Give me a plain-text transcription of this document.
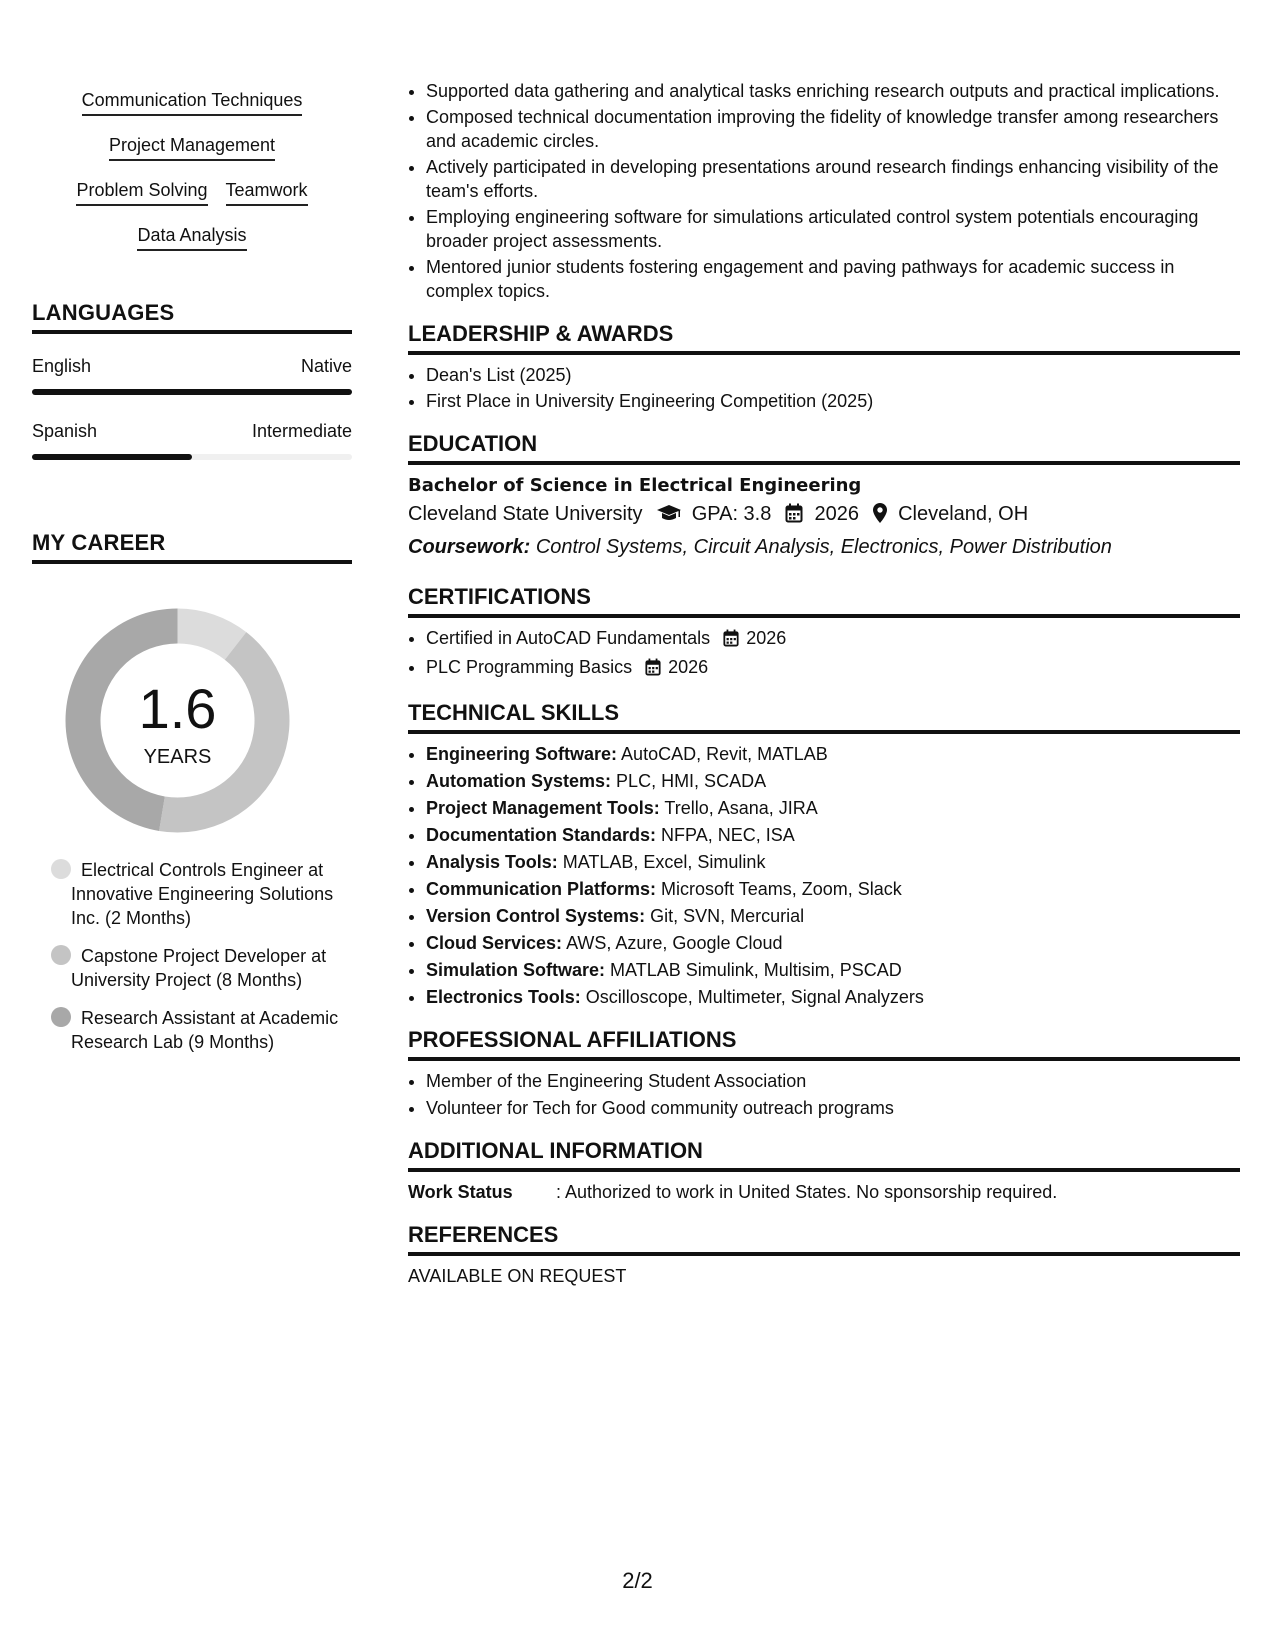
Communication Techniques
Project Management
Problem Solving Teamwork
Data Analysis
LANGUAGES
English	Native
Spanish	Intermediate
MY CAREER
1.6
YEARS
Electrical Controls Engineer at Innovative Engineering Solutions Inc. (2 Months)
Capstone Project Developer at University Project (8 Months)
Research Assistant at Academic Research Lab (9 Months)
• Supported data gathering and analytical tasks enriching research outputs and practical implications.
• Composed technical documentation improving the fidelity of knowledge transfer among researchers and academic circles.
• Actively participated in developing presentations around research findings enhancing visibility of the team's efforts.
• Employing engineering software for simulations articulated control system potentials encouraging broader project assessments.
• Mentored junior students fostering engagement and paving pathways for academic success in complex topics.
LEADERSHIP & AWARDS
• Dean's List (2025)
• First Place in University Engineering Competition (2025)
EDUCATION
Bachelor of Science in Electrical Engineering
Cleveland State University GPA: 3.8 2026 Cleveland, OH
Coursework: Control Systems, Circuit Analysis, Electronics, Power Distribution
CERTIFICATIONS
• Certified in AutoCAD Fundamentals 2026
• PLC Programming Basics 2026
TECHNICAL SKILLS
• Engineering Software: AutoCAD, Revit, MATLAB
• Automation Systems: PLC, HMI, SCADA
• Project Management Tools: Trello, Asana, JIRA
• Documentation Standards: NFPA, NEC, ISA
• Analysis Tools: MATLAB, Excel, Simulink
• Communication Platforms: Microsoft Teams, Zoom, Slack
• Version Control Systems: Git, SVN, Mercurial
• Cloud Services: AWS, Azure, Google Cloud
• Simulation Software: MATLAB Simulink, Multisim, PSCAD
• Electronics Tools: Oscilloscope, Multimeter, Signal Analyzers
PROFESSIONAL AFFILIATIONS
• Member of the Engineering Student Association
• Volunteer for Tech for Good community outreach programs
ADDITIONAL INFORMATION
Work Status : Authorized to work in United States. No sponsorship required.
REFERENCES
AVAILABLE ON REQUEST
2/2
